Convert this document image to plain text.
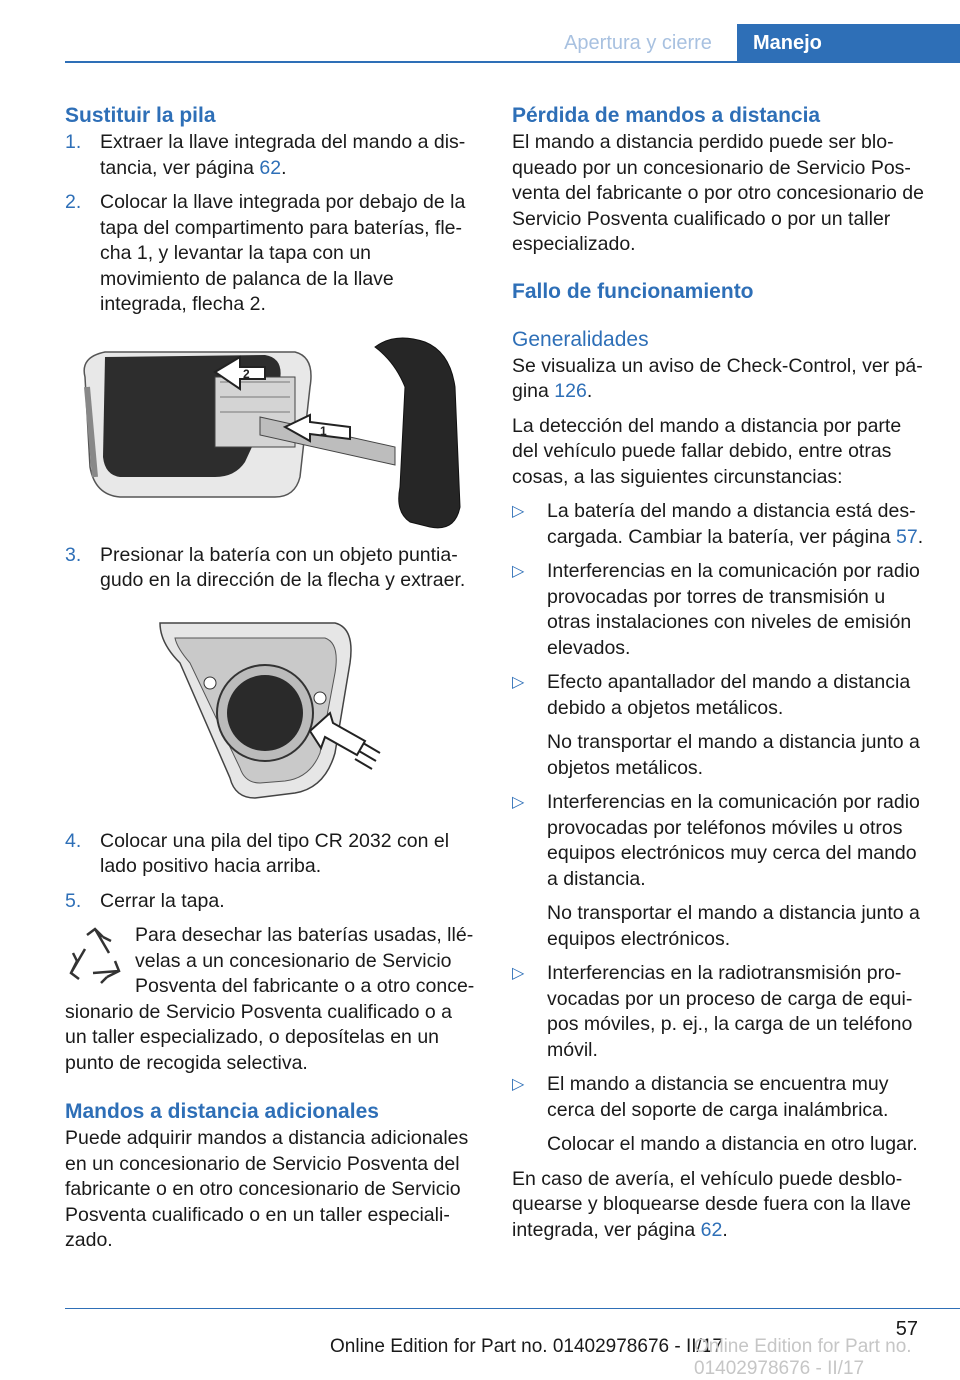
Apertura y cierre	Manejo
Sustituir la pila
1. Extraer la llave integrada del mando a dis‐tancia, ver página 62.
2. Colocar la llave integrada por debajo de la tapa del compartimento para baterías, fle‐cha 1, y levantar la tapa con un movimiento de palanca de la llave integrada, flecha 2.
2
1
3. Presionar la batería con un objeto puntia‐gudo en la dirección de la flecha y extraer.
4. Colocar una pila del tipo CR 2032 con el lado positivo hacia arriba.
5. Cerrar la tapa.

Para desechar las baterías usadas, llé‐velas a un concesionario de Servicio Posventa del fabricante o a otro conce‐sionario de Servicio Posventa cualificado o a un taller especializado, o deposítelas en un punto de recogida selectiva.

Mandos a distancia adicionales

Puede adquirir mandos a distancia adicionales en un concesionario de Servicio Posventa del fabricante o en otro concesionario de Servicio Posventa cualificado o en un taller especiali‐zado.

Pérdida de mandos a distancia

El mando a distancia perdido puede ser blo‐queado por un concesionario de Servicio Pos‐venta del fabricante o por otro concesionario de Servicio Posventa cualificado o por un taller especializado.

Fallo de funcionamiento
Generalidades

Se visualiza un aviso de Check-Control, ver pá‐gina 126.

La detección del mando a distancia por parte del vehículo puede fallar debido, entre otras cosas, a las siguientes circunstancias:

▷ La batería del mando a distancia está des‐cargada. Cambiar la batería, ver página 57.
▷ Interferencias en la comunicación por radio provocadas por torres de transmisión u otras instalaciones con niveles de emisión elevados.
▷ Efecto apantallador del mando a distancia debido a objetos metálicos.
No transportar el mando a distancia junto a objetos metálicos.
▷ Interferencias en la comunicación por radio provocadas por teléfonos móviles u otros equipos electrónicos muy cerca del mando a distancia.
No transportar el mando a distancia junto a equipos electrónicos.
▷ Interferencias en la radiotransmisión pro‐vocadas por un proceso de carga de equi‐pos móviles, p. ej., la carga de un teléfono móvil.
▷ El mando a distancia se encuentra muy cerca del soporte de carga inalámbrica.
Colocar el mando a distancia en otro lugar.

En caso de avería, el vehículo puede desblo‐quearse y bloquearse desde fuera con la llave integrada, ver página 62.

57
Online Edition for Part no. 01402978676 - II/17
Online Edition for Part no. 01402978676 - II/17
